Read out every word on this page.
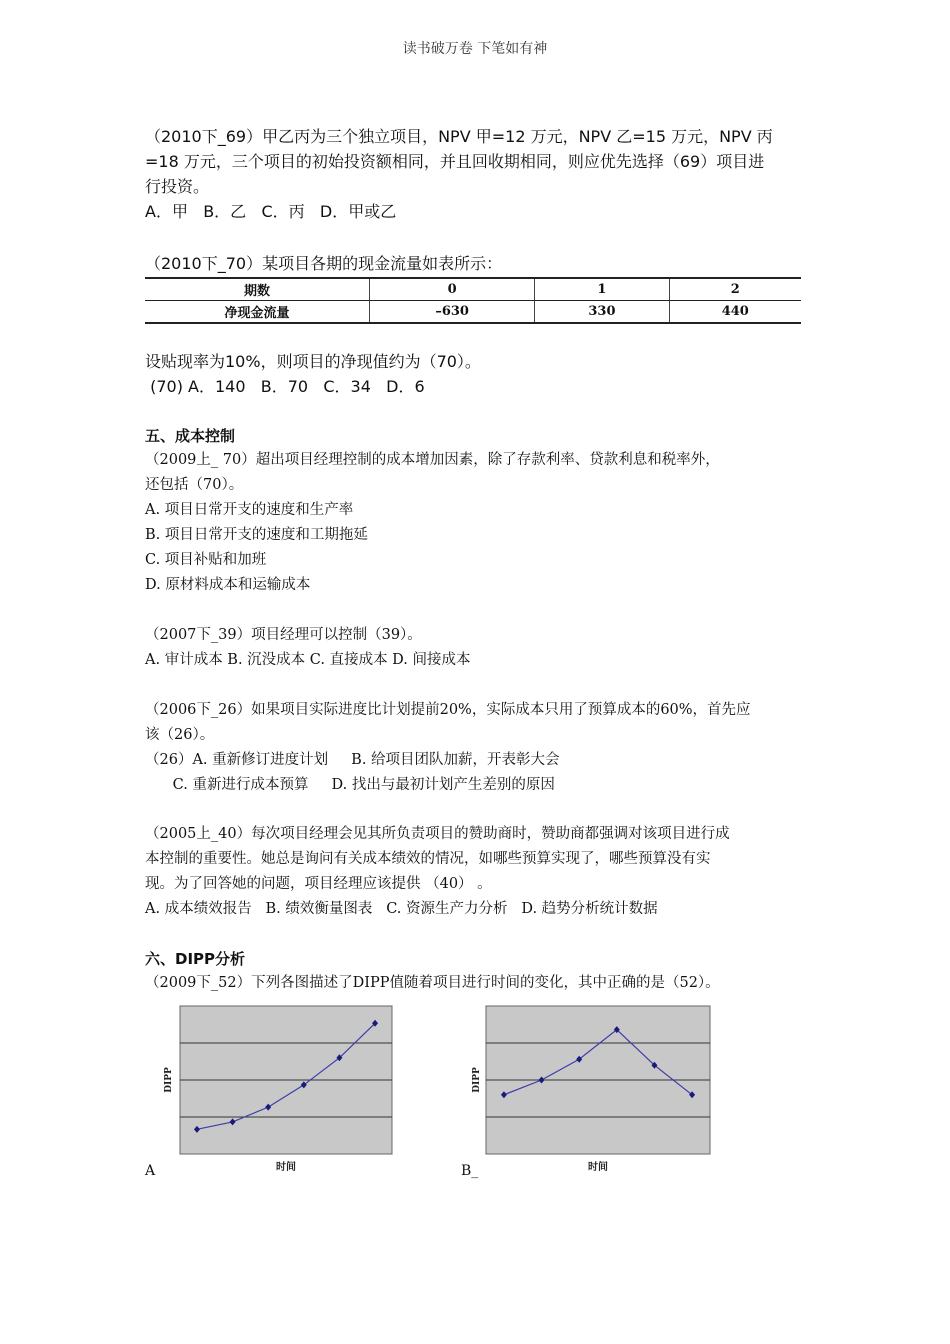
读书破万卷 下笔如有神
（2010下_69）甲乙丙为三个独立项目，NPV 甲=12 万元，NPV 乙=15 万元，NPV 丙
=18 万元，三个项目的初始投资额相同，并且回收期相同，则应优先选择（69）项目进
行投资。
A．甲   B．乙   C．丙   D．甲或乙
（2010下_70）某项目各期的现金流量如表所示：
期数	0	1	2
净现金流量	–630	330	440
设贴现率为10%，则项目的净现值约为（70）。
(70) A．140   B．70   C．34   D．6
五、成本控制
（2009上_ 70）超出项目经理控制的成本增加因素，除了存款利率、贷款利息和税率外，
还包括（70）。
A. 项目日常开支的速度和生产率
B. 项目日常开支的速度和工期拖延
C. 项目补贴和加班
D. 原材料成本和运输成本
（2007下_39）项目经理可以控制（39）。
A. 审计成本 B. 沉没成本 C. 直接成本 D. 间接成本
（2006下_26）如果项目实际进度比计划提前20%，实际成本只用了预算成本的60%，首先应
该（26）。
（26）A. 重新修订进度计划     B. 给项目团队加薪，开表彰大会
C. 重新进行成本预算     D. 找出与最初计划产生差别的原因
（2005上_40）每次项目经理会见其所负责项目的赞助商时，赞助商都强调对该项目进行成
本控制的重要性。她总是询问有关成本绩效的情况，如哪些预算实现了，哪些预算没有实
现。为了回答她的问题，项目经理应该提供 （40） 。
A. 成本绩效报告   B. 绩效衡量图表   C. 资源生产力分析   D. 趋势分析统计数据
六、DIPP分析
（2009下_52）下列各图描述了DIPP值随着项目进行时间的变化，其中正确的是（52）。
DIPP
时间
DIPP
时间
A	B_
